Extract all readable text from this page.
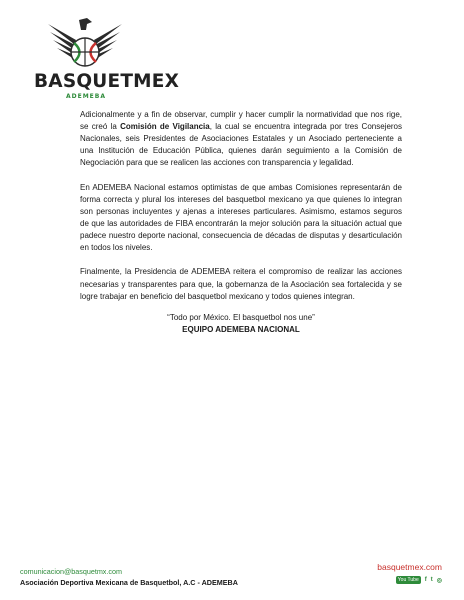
BASQUETMEX
ADEMEBA

Adicionalmente y a fin de observar, cumplir y hacer cumplir la normatividad que nos rige, se creó la Comisión de Vigilancia, la cual se encuentra integrada por tres Consejeros Nacionales, seis Presidentes de Asociaciones Estatales y un Asociado perteneciente a una Institución de Educación Pública, quienes darán seguimiento a la Comisión de Negociación para que se realicen las acciones con transparencia y legalidad.

En ADEMEBA Nacional estamos optimistas de que ambas Comisiones representarán de forma correcta y plural los intereses del basquetbol mexicano ya que quienes lo integran son personas incluyentes y ajenas a intereses particulares. Asimismo, estamos seguros de que las autoridades de FIBA encontrarán la mejor solución para la situación actual que padece nuestro deporte nacional, consecuencia de décadas de disputas y desarticulación en todos los niveles.

Finalmente, la Presidencia de ADEMEBA reitera el compromiso de realizar las acciones necesarias y transparentes para que, la gobernanza de la Asociación sea fortalecida y se logre trabajar en beneficio del basquetbol mexicano y todos quienes integran.

“Todo por México. El basquetbol nos une”
EQUIPO ADEMEBA NACIONAL
comunicacion@basquetmx.com
Asociación Deportiva Mexicana de Basquetbol, A.C - ADEMEBA
basquetmex.com
You Tube	f t ◎
